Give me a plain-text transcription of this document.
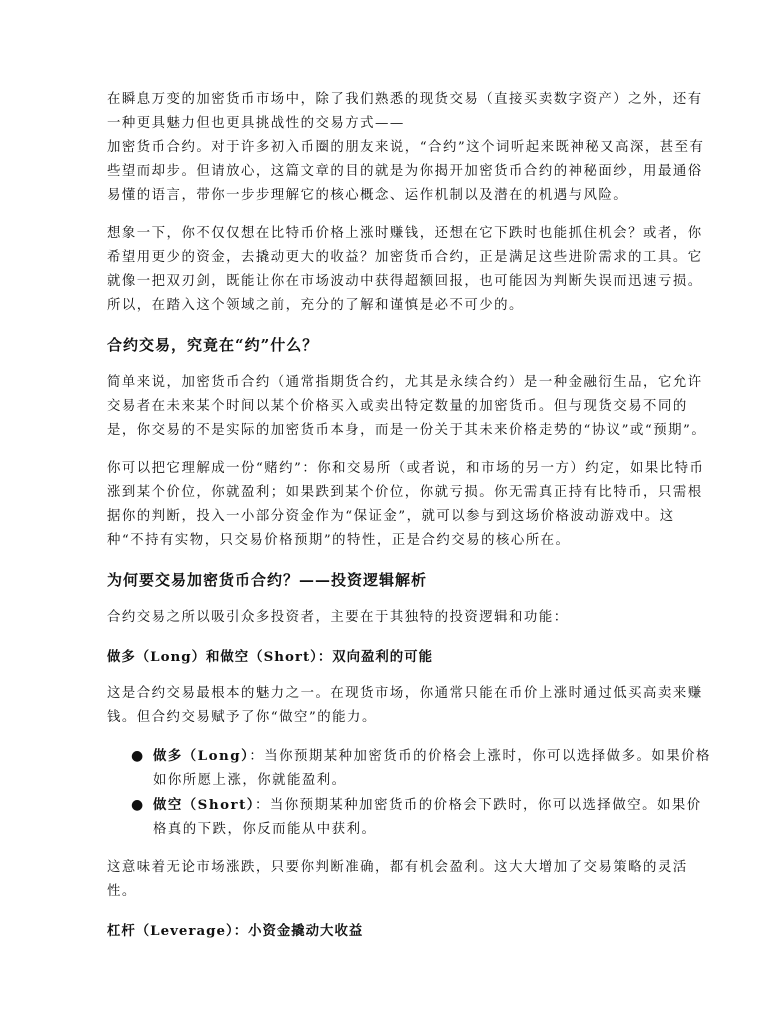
在瞬息万变的加密货币市场中，除了我们熟悉的现货交易（直接买卖数字资产）之外，还有一种更具魅力但也更具挑战性的交易方式——

加密货币合约。对于许多初入币圈的朋友来说，“合约”这个词听起来既神秘又高深，甚至有些望而却步。但请放心，这篇文章的目的就是为你揭开加密货币合约的神秘面纱，用最通俗易懂的语言，带你一步步理解它的核心概念、运作机制以及潜在的机遇与风险。

想象一下，你不仅仅想在比特币价格上涨时赚钱，还想在它下跌时也能抓住机会？或者，你希望用更少的资金，去撬动更大的收益？加密货币合约，正是满足这些进阶需求的工具。它就像一把双刃剑，既能让你在市场波动中获得超额回报，也可能因为判断失误而迅速亏损。所以，在踏入这个领域之前，充分的了解和谨慎是必不可少的。

合约交易，究竟在“约”什么？

简单来说，加密货币合约（通常指期货合约，尤其是永续合约）是一种金融衍生品，它允许交易者在未来某个时间以某个价格买入或卖出特定数量的加密货币。但与现货交易不同的是，你交易的不是实际的加密货币本身，而是一份关于其未来价格走势的“协议”或“预期”。

你可以把它理解成一份“赌约”：你和交易所（或者说，和市场的另一方）约定，如果比特币涨到某个价位，你就盈利；如果跌到某个价位，你就亏损。你无需真正持有比特币，只需根据你的判断，投入一小部分资金作为“保证金”，就可以参与到这场价格波动游戏中。这种“不持有实物，只交易价格预期”的特性，正是合约交易的核心所在。

为何要交易加密货币合约？——投资逻辑解析

合约交易之所以吸引众多投资者，主要在于其独特的投资逻辑和功能：

做多（Long）和做空（Short）：双向盈利的可能

这是合约交易最根本的魅力之一。在现货市场，你通常只能在币价上涨时通过低买高卖来赚钱。但合约交易赋予了你“做空”的能力。

● 做多（Long）：当你预期某种加密货币的价格会上涨时，你可以选择做多。如果价格如你所愿上涨，你就能盈利。
● 做空（Short）：当你预期某种加密货币的价格会下跌时，你可以选择做空。如果价格真的下跌，你反而能从中获利。

这意味着无论市场涨跌，只要你判断准确，都有机会盈利。这大大增加了交易策略的灵活性。

杠杆（Leverage）：小资金撬动大收益
